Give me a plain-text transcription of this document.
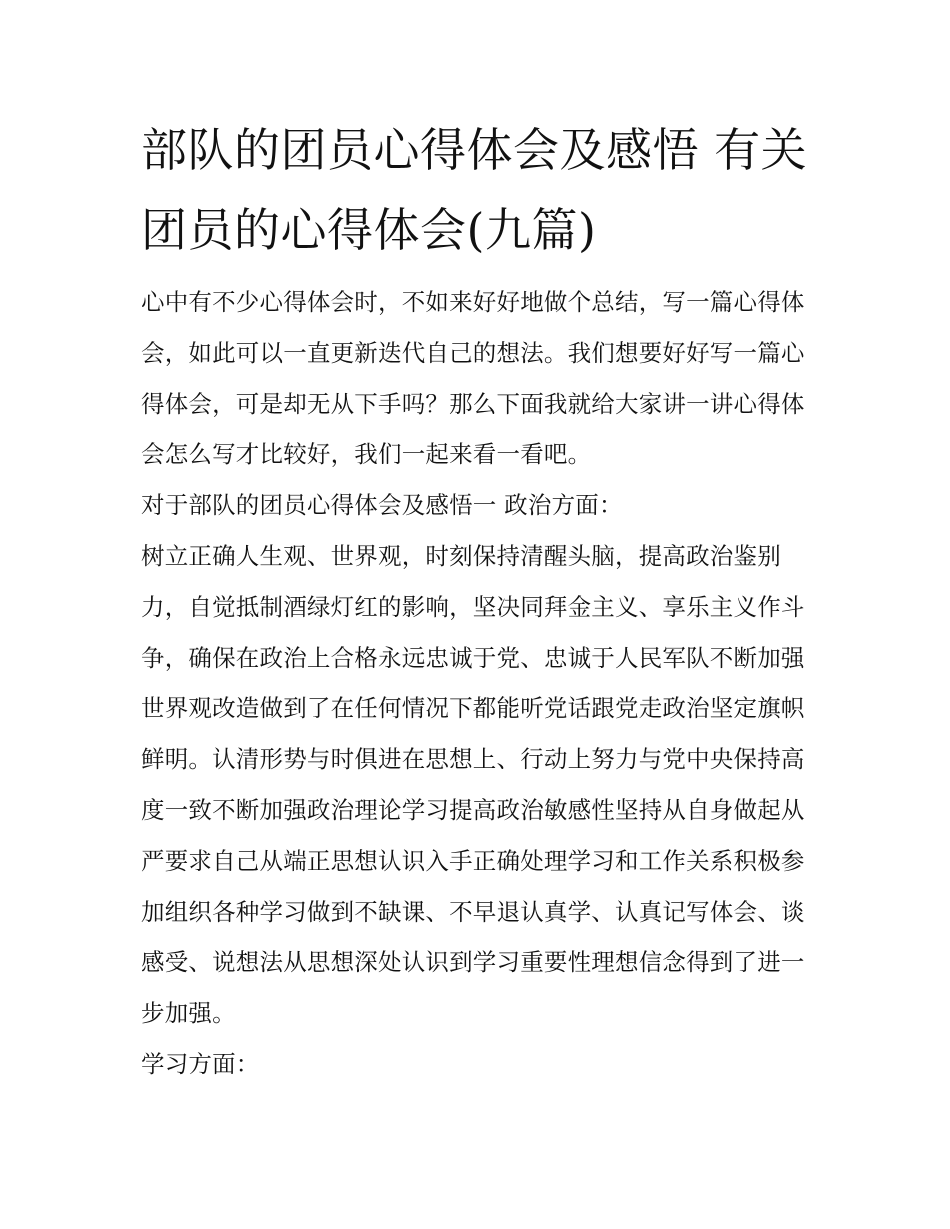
部队的团员心得体会及感悟 有关团员的心得体会(九篇)

心中有不少心得体会时，不如来好好地做个总结，写一篇心得体会，如此可以一直更新迭代自己的想法。我们想要好好写一篇心得体会，可是却无从下手吗？那么下面我就给大家讲一讲心得体会怎么写才比较好，我们一起来看一看吧。

对于部队的团员心得体会及感悟一 政治方面：

树立正确人生观、世界观，时刻保持清醒头脑，提高政治鉴别力，自觉抵制酒绿灯红的影响，坚决同拜金主义、享乐主义作斗争，确保在政治上合格永远忠诚于党、忠诚于人民军队不断加强世界观改造做到了在任何情况下都能听党话跟党走政治坚定旗帜鲜明。认清形势与时俱进在思想上、行动上努力与党中央保持高度一致不断加强政治理论学习提高政治敏感性坚持从自身做起从严要求自己从端正思想认识入手正确处理学习和工作关系积极参加组织各种学习做到不缺课、不早退认真学、认真记写体会、谈感受、说想法从思想深处认识到学习重要性理想信念得到了进一步加强。

学习方面：
